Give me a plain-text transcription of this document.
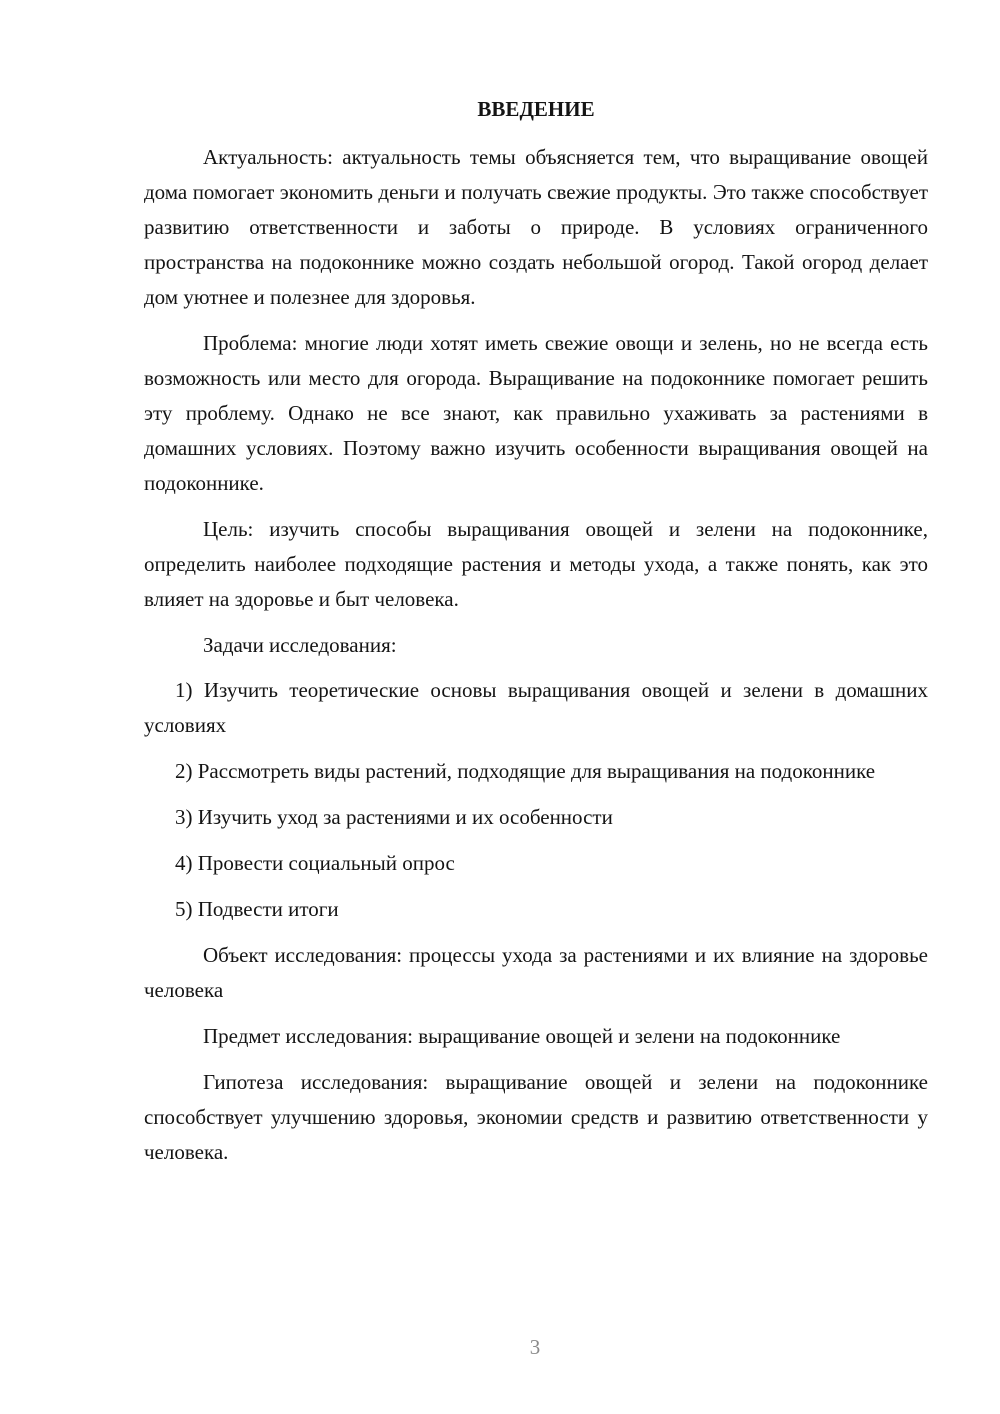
ВВЕДЕНИЕ

Актуальность: актуальность темы объясняется тем, что выращивание овощей дома помогает экономить деньги и получать свежие продукты. Это также способствует развитию ответственности и заботы о природе. В условиях ограниченного пространства на подоконнике можно создать небольшой огород. Такой огород делает дом уютнее и полезнее для здоровья.

Проблема: многие люди хотят иметь свежие овощи и зелень, но не всегда есть возможность или место для огорода. Выращивание на подоконнике помогает решить эту проблему. Однако не все знают, как правильно ухаживать за растениями в домашних условиях. Поэтому важно изучить особенности выращивания овощей на подоконнике.

Цель: изучить способы выращивания овощей и зелени на подоконнике, определить наиболее подходящие растения и методы ухода, а также понять, как это влияет на здоровье и быт человека.

Задачи исследования:

1) Изучить теоретические основы выращивания овощей и зелени в домашних условиях

2) Рассмотреть виды растений, подходящие для выращивания на подоконнике

3) Изучить уход за растениями и их особенности

4) Провести социальный опрос

5) Подвести итоги

Объект исследования: процессы ухода за растениями и их влияние на здоровье человека

Предмет исследования: выращивание овощей и зелени на подоконнике

Гипотеза исследования: выращивание овощей и зелени на подоконнике способствует улучшению здоровья, экономии средств и развитию ответственности у человека.

3
